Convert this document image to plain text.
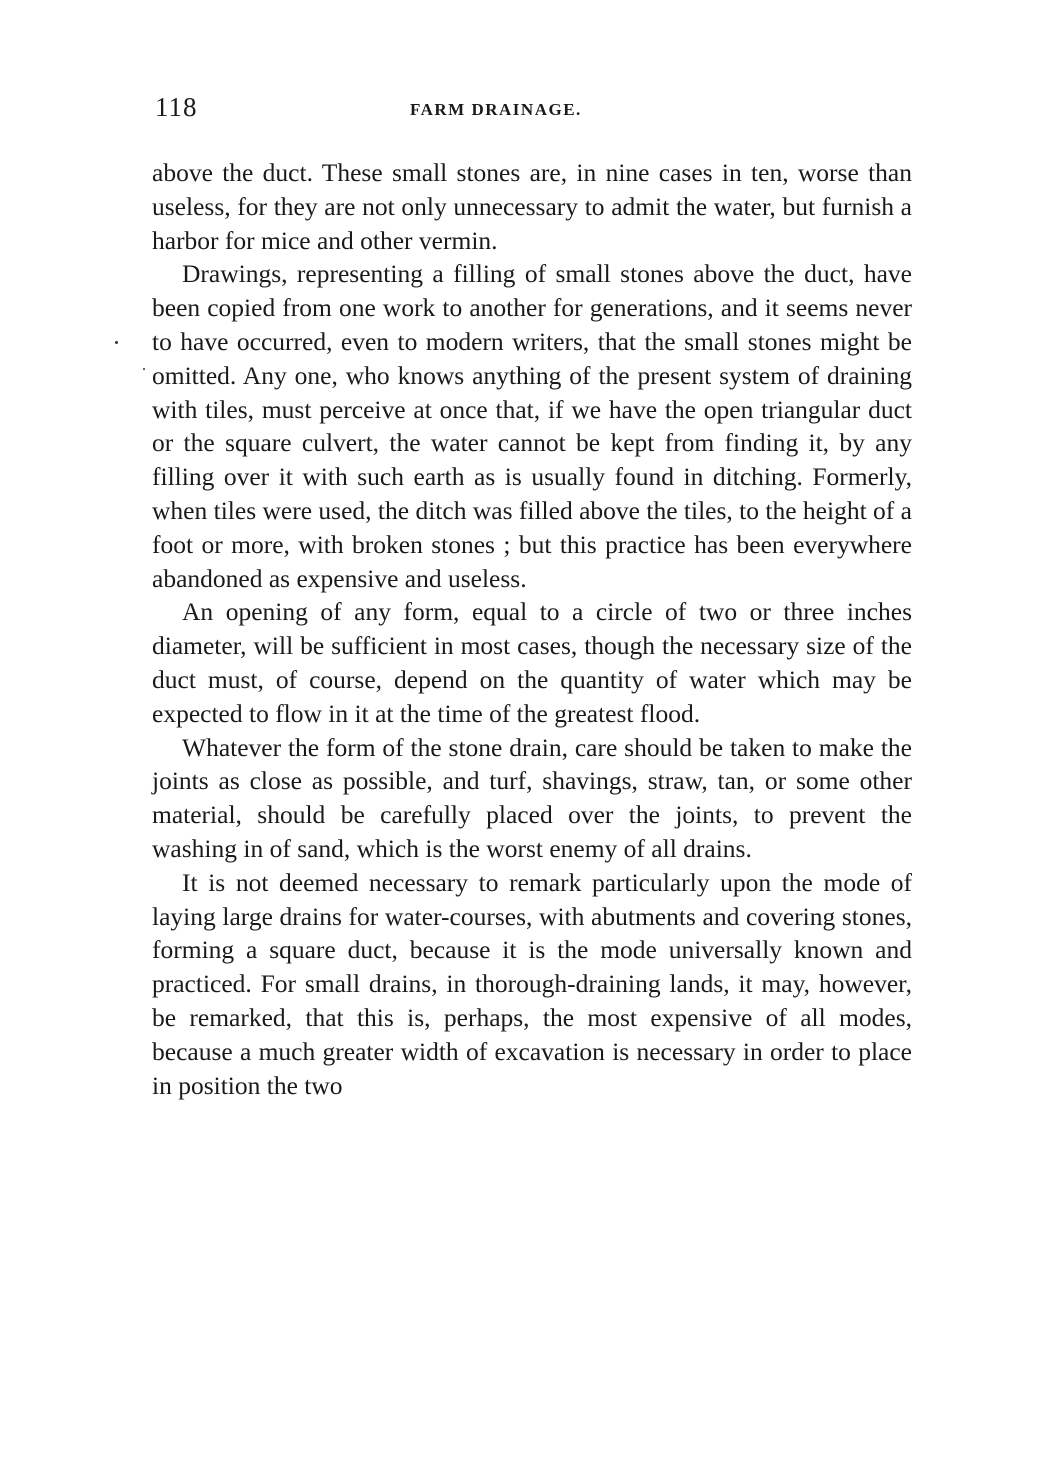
118	FARM DRAINAGE.

above the duct. These small stones are, in nine cases in ten, worse than useless, for they are not only unnecessary to admit the water, but furnish a harbor for mice and other vermin.

Drawings, representing a filling of small stones above the duct, have been copied from one work to another for generations, and it seems never to have occurred, even to modern writers, that the small stones might be omitted. Any one, who knows anything of the present system of draining with tiles, must perceive at once that, if we have the open triangular duct or the square culvert, the water cannot be kept from finding it, by any filling over it with such earth as is usually found in ditching. Formerly, when tiles were used, the ditch was filled above the tiles, to the height of a foot or more, with broken stones ; but this practice has been everywhere abandoned as expensive and useless.

An opening of any form, equal to a circle of two or three inches diameter, will be sufficient in most cases, though the necessary size of the duct must, of course, depend on the quantity of water which may be expected to flow in it at the time of the greatest flood.

Whatever the form of the stone drain, care should be taken to make the joints as close as possible, and turf, shavings, straw, tan, or some other material, should be carefully placed over the joints, to prevent the washing in of sand, which is the worst enemy of all drains.

It is not deemed necessary to remark particularly upon the mode of laying large drains for water-courses, with abutments and covering stones, forming a square duct, because it is the mode universally known and practiced. For small drains, in thorough-draining lands, it may, however, be remarked, that this is, perhaps, the most expensive of all modes, because a much greater width of excavation is necessary in order to place in position the two
